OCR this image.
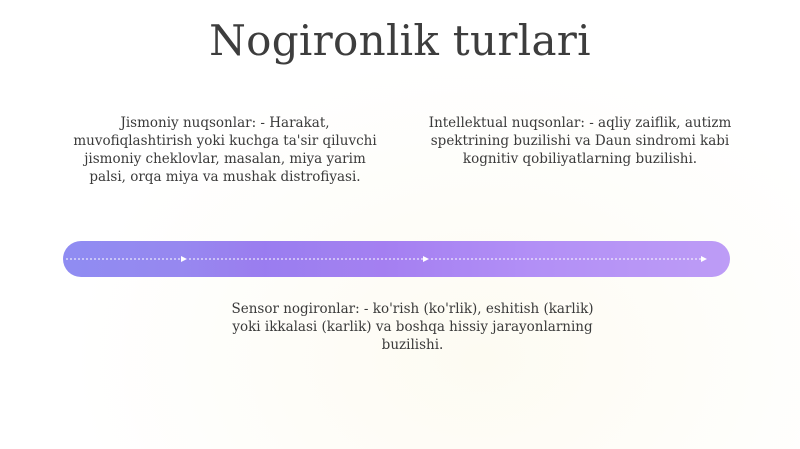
Nogironlik turlari
Jismoniy nuqsonlar: - Harakat, muvofiqlashtirish yoki kuchga ta'sir qiluvchi jismoniy cheklovlar, masalan, miya yarim palsi, orqa miya va mushak distrofiyasi.
Intellektual nuqsonlar: - aqliy zaiflik, autizm spektrining buzilishi va Daun sindromi kabi kognitiv qobiliyatlarning buzilishi.
Sensor nogironlar: - ko'rish (ko'rlik), eshitish (karlik) yoki ikkalasi (karlik) va boshqa hissiy jarayonlarning buzilishi.
